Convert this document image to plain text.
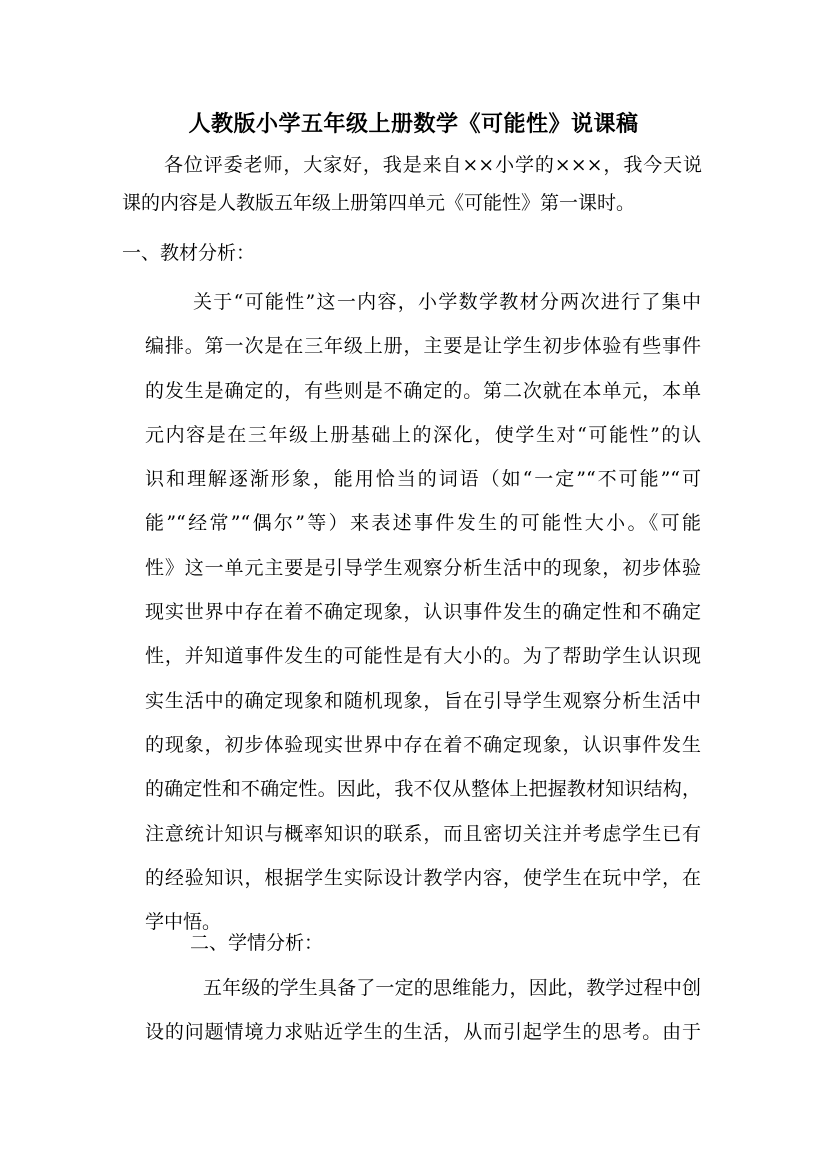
人教版小学五年级上册数学《可能性》说课稿
各位评委老师，大家好，我是来自××小学的×××，我今天说
课的内容是人教版五年级上册第四单元《可能性》第一课时。
一、教材分析：
关于“可能性”这一内容，小学数学教材分两次进行了集中
编排。第一次是在三年级上册，主要是让学生初步体验有些事件
的发生是确定的，有些则是不确定的。第二次就在本单元，本单
元内容是在三年级上册基础上的深化，使学生对“可能性”的认
识和理解逐渐形象，能用恰当的词语（如“一定”“不可能”“可
能”“经常”“偶尔”等）来表述事件发生的可能性大小。《可能
性》这一单元主要是引导学生观察分析生活中的现象，初步体验
现实世界中存在着不确定现象，认识事件发生的确定性和不确定
性，并知道事件发生的可能性是有大小的。为了帮助学生认识现
实生活中的确定现象和随机现象，旨在引导学生观察分析生活中
的现象，初步体验现实世界中存在着不确定现象，认识事件发生
的确定性和不确定性。因此，我不仅从整体上把握教材知识结构，
注意统计知识与概率知识的联系，而且密切关注并考虑学生已有
的经验知识，根据学生实际设计教学内容，使学生在玩中学，在
学中悟。
二、学情分析：
五年级的学生具备了一定的思维能力，因此，教学过程中创
设的问题情境力求贴近学生的生活，从而引起学生的思考。由于
